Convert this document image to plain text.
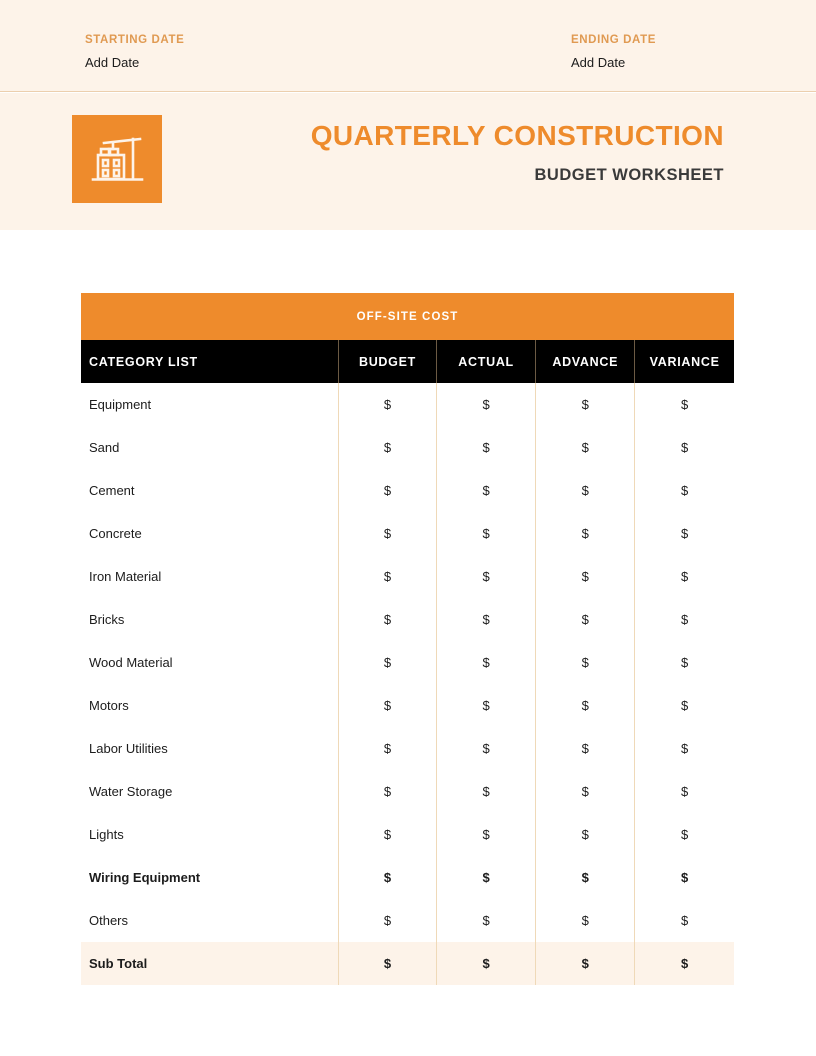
STARTING DATE
Add Date
ENDING DATE
Add Date
QUARTERLY CONSTRUCTION
BUDGET WORKSHEET
OFF-SITE COST
CATEGORY LIST	BUDGET	ACTUAL	ADVANCE	VARIANCE
Equipment	$	$	$	$
Sand	$	$	$	$
Cement	$	$	$	$
Concrete	$	$	$	$
Iron Material	$	$	$	$
Bricks	$	$	$	$
Wood Material	$	$	$	$
Motors	$	$	$	$
Labor Utilities	$	$	$	$
Water Storage	$	$	$	$
Lights	$	$	$	$
Wiring Equipment	$	$	$	$
Others	$	$	$	$
Sub Total	$	$	$	$
